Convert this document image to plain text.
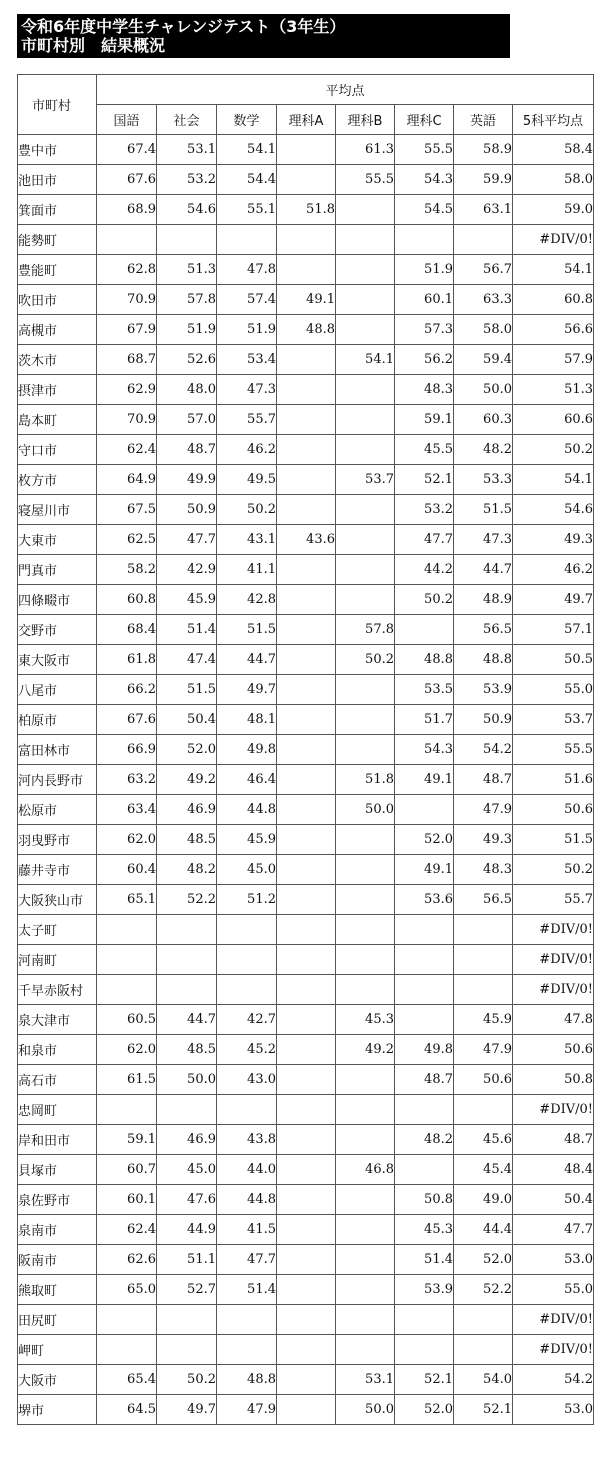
令和6年度中学生チャレンジテスト（3年生）
市町村別　結果概況
市町村	平均点							
	国語	社会	数学	理科A	理科B	理科C	英語	5科平均点
豊中市	67.4	53.1	54.1		61.3	55.5	58.9	58.4
池田市	67.6	53.2	54.4		55.5	54.3	59.9	58.0
箕面市	68.9	54.6	55.1	51.8		54.5	63.1	59.0
能勢町								#DIV/0!
豊能町	62.8	51.3	47.8			51.9	56.7	54.1
吹田市	70.9	57.8	57.4	49.1		60.1	63.3	60.8
高槻市	67.9	51.9	51.9	48.8		57.3	58.0	56.6
茨木市	68.7	52.6	53.4		54.1	56.2	59.4	57.9
摂津市	62.9	48.0	47.3			48.3	50.0	51.3
島本町	70.9	57.0	55.7			59.1	60.3	60.6
守口市	62.4	48.7	46.2			45.5	48.2	50.2
枚方市	64.9	49.9	49.5		53.7	52.1	53.3	54.1
寝屋川市	67.5	50.9	50.2			53.2	51.5	54.6
大東市	62.5	47.7	43.1	43.6		47.7	47.3	49.3
門真市	58.2	42.9	41.1			44.2	44.7	46.2
四條畷市	60.8	45.9	42.8			50.2	48.9	49.7
交野市	68.4	51.4	51.5		57.8		56.5	57.1
東大阪市	61.8	47.4	44.7		50.2	48.8	48.8	50.5
八尾市	66.2	51.5	49.7			53.5	53.9	55.0
柏原市	67.6	50.4	48.1			51.7	50.9	53.7
富田林市	66.9	52.0	49.8			54.3	54.2	55.5
河内長野市	63.2	49.2	46.4		51.8	49.1	48.7	51.6
松原市	63.4	46.9	44.8		50.0		47.9	50.6
羽曳野市	62.0	48.5	45.9			52.0	49.3	51.5
藤井寺市	60.4	48.2	45.0			49.1	48.3	50.2
大阪狭山市	65.1	52.2	51.2			53.6	56.5	55.7
太子町								#DIV/0!
河南町								#DIV/0!
千早赤阪村								#DIV/0!
泉大津市	60.5	44.7	42.7		45.3		45.9	47.8
和泉市	62.0	48.5	45.2		49.2	49.8	47.9	50.6
高石市	61.5	50.0	43.0			48.7	50.6	50.8
忠岡町								#DIV/0!
岸和田市	59.1	46.9	43.8			48.2	45.6	48.7
貝塚市	60.7	45.0	44.0		46.8		45.4	48.4
泉佐野市	60.1	47.6	44.8			50.8	49.0	50.4
泉南市	62.4	44.9	41.5			45.3	44.4	47.7
阪南市	62.6	51.1	47.7			51.4	52.0	53.0
熊取町	65.0	52.7	51.4			53.9	52.2	55.0
田尻町								#DIV/0!
岬町								#DIV/0!
大阪市	65.4	50.2	48.8		53.1	52.1	54.0	54.2
堺市	64.5	49.7	47.9		50.0	52.0	52.1	53.0
